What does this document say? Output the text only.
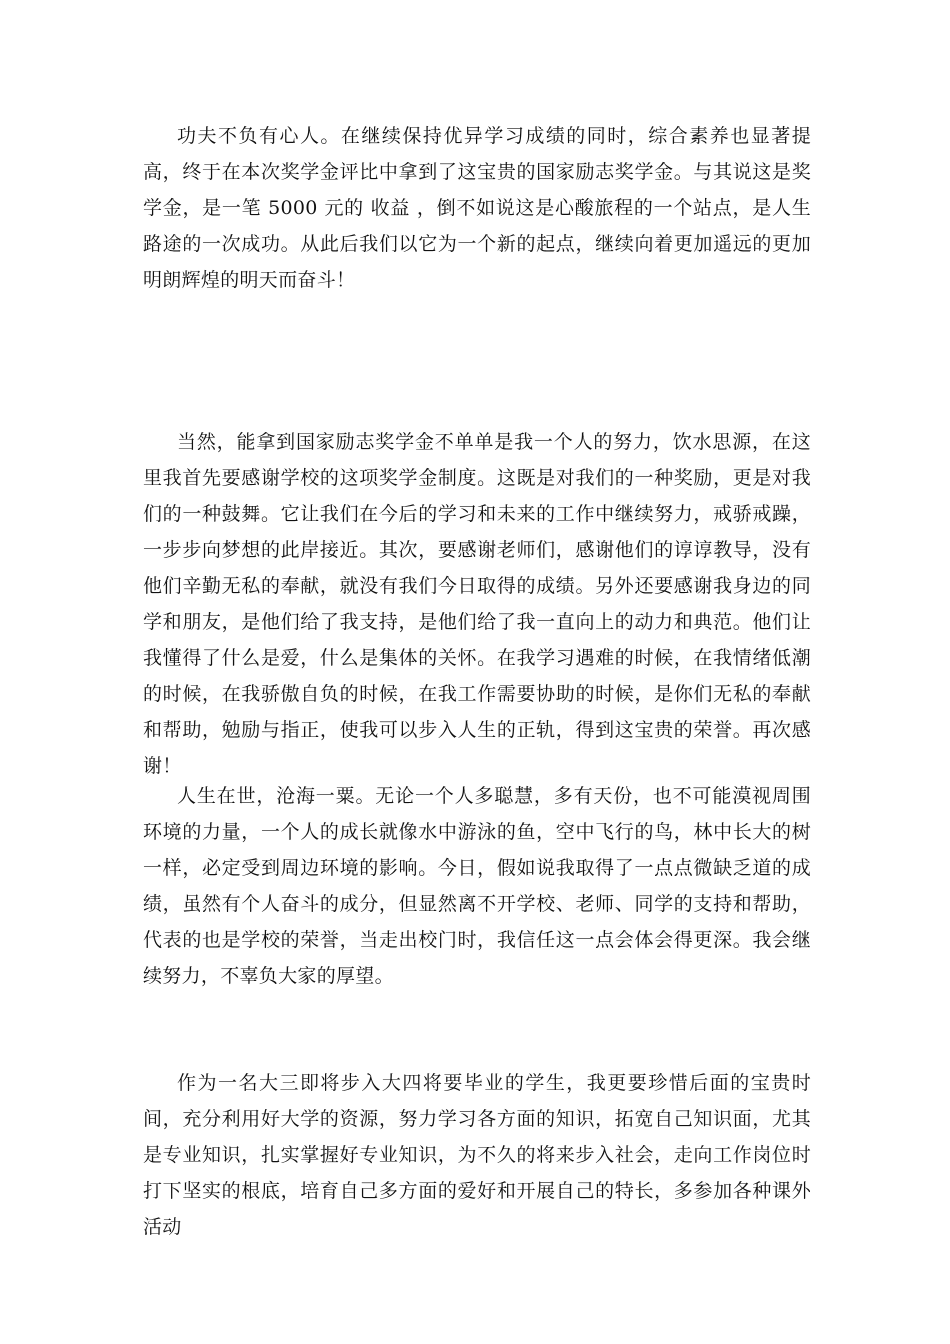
功夫不负有心人。在继续保持优异学习成绩的同时，综合素养也显著提高，终于在本次奖学金评比中拿到了这宝贵的国家励志奖学金。与其说这是奖学金，是一笔 5000 元的 收益 ，倒不如说这是心酸旅程的一个站点，是人生路途的一次成功。从此后我们以它为一个新的起点，继续向着更加遥远的更加明朗辉煌的明天而奋斗！

当然，能拿到国家励志奖学金不单单是我一个人的努力，饮水思源，在这里我首先要感谢学校的这项奖学金制度。这既是对我们的一种奖励，更是对我们的一种鼓舞。它让我们在今后的学习和未来的工作中继续努力，戒骄戒躁，一步步向梦想的此岸接近。其次，要感谢老师们，感谢他们的谆谆教导，没有他们辛勤无私的奉献，就没有我们今日取得的成绩。另外还要感谢我身边的同学和朋友，是他们给了我支持，是他们给了我一直向上的动力和典范。他们让我懂得了什么是爱，什么是集体的关怀。在我学习遇难的时候，在我情绪低潮的时候，在我骄傲自负的时候，在我工作需要协助的时候，是你们无私的奉献和帮助，勉励与指正，使我可以步入人生的正轨，得到这宝贵的荣誉。再次感谢！

人生在世，沧海一粟。无论一个人多聪慧，多有天份，也不可能漠视周围环境的力量，一个人的成长就像水中游泳的鱼，空中飞行的鸟，林中长大的树一样，必定受到周边环境的影响。今日，假如说我取得了一点点微缺乏道的成绩，虽然有个人奋斗的成分，但显然离不开学校、老师、同学的支持和帮助，代表的也是学校的荣誉，当走出校门时，我信任这一点会体会得更深。我会继续努力，不辜负大家的厚望。

作为一名大三即将步入大四将要毕业的学生，我更要珍惜后面的宝贵时间，充分利用好大学的资源，努力学习各方面的知识，拓宽自己知识面，尤其是专业知识，扎实掌握好专业知识，为不久的将来步入社会，走向工作岗位时打下坚实的根底，培育自己多方面的爱好和开展自己的特长，多参加各种课外活动
